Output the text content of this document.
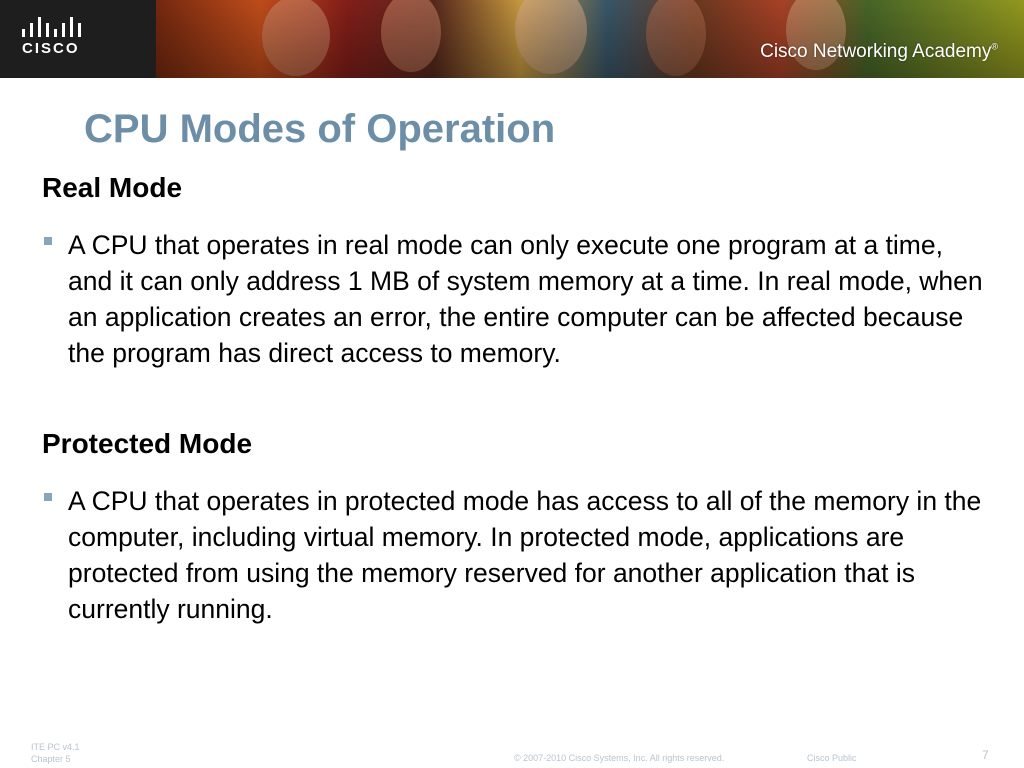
CISCO	Cisco Networking Academy®
CPU Modes of Operation
Real Mode

A CPU that operates in real mode can only execute one program at a time, and it can only address 1 MB of system memory at a time. In real mode, when an application creates an error, the entire computer can be affected because the program has direct access to memory.

Protected Mode

A CPU that operates in protected mode has access to all of the memory in the computer, including virtual memory. In protected mode, applications are protected from using the memory reserved for another application that is currently running.

ITE PC v4.1
Chapter 5	© 2007-2010 Cisco Systems, Inc. All rights reserved.	Cisco Public	7
